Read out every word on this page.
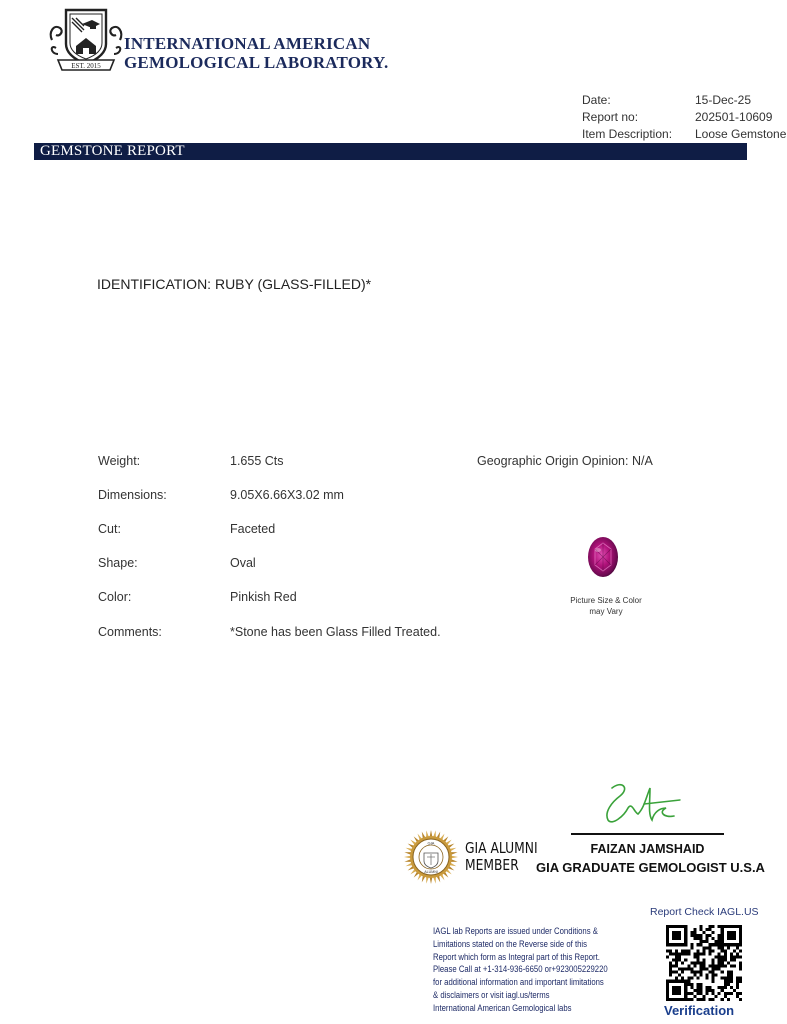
EST. 2015
INTERNATIONAL AMERICAN
GEMOLOGICAL LABORATORY.
Date:	15-Dec-25
Report no:	202501-10609
Item Description: Loose Gemstone
GEMSTONE REPORT
IDENTIFICATION: RUBY (GLASS-FILLED)*
Weight:	1.655 Cts
Dimensions:	9.05X6.66X3.02 mm
Cut:	Faceted
Shape:	Oval
Color:	Pinkish Red
Comments:	*Stone has been Glass Filled Treated.
Geographic Origin Opinion: N/A
Picture Size & Color
may Vary
FAIZAN JAMSHAID
GIA GRADUATE GEMOLOGIST U.S.A
GIA
ALUMNI
GIA ALUMNI
MEMBER
Report Check IAGL.US
Verification
IAGL lab Reports are issued under Conditions &
Limitations stated on the Reverse side of this
Report which form as Integral part of this Report.
Please Call at +1-314-936-6650 or+923005229220
for additional information and important limitations
& disclaimers or visit iagl.us/terms
International American Gemological labs
